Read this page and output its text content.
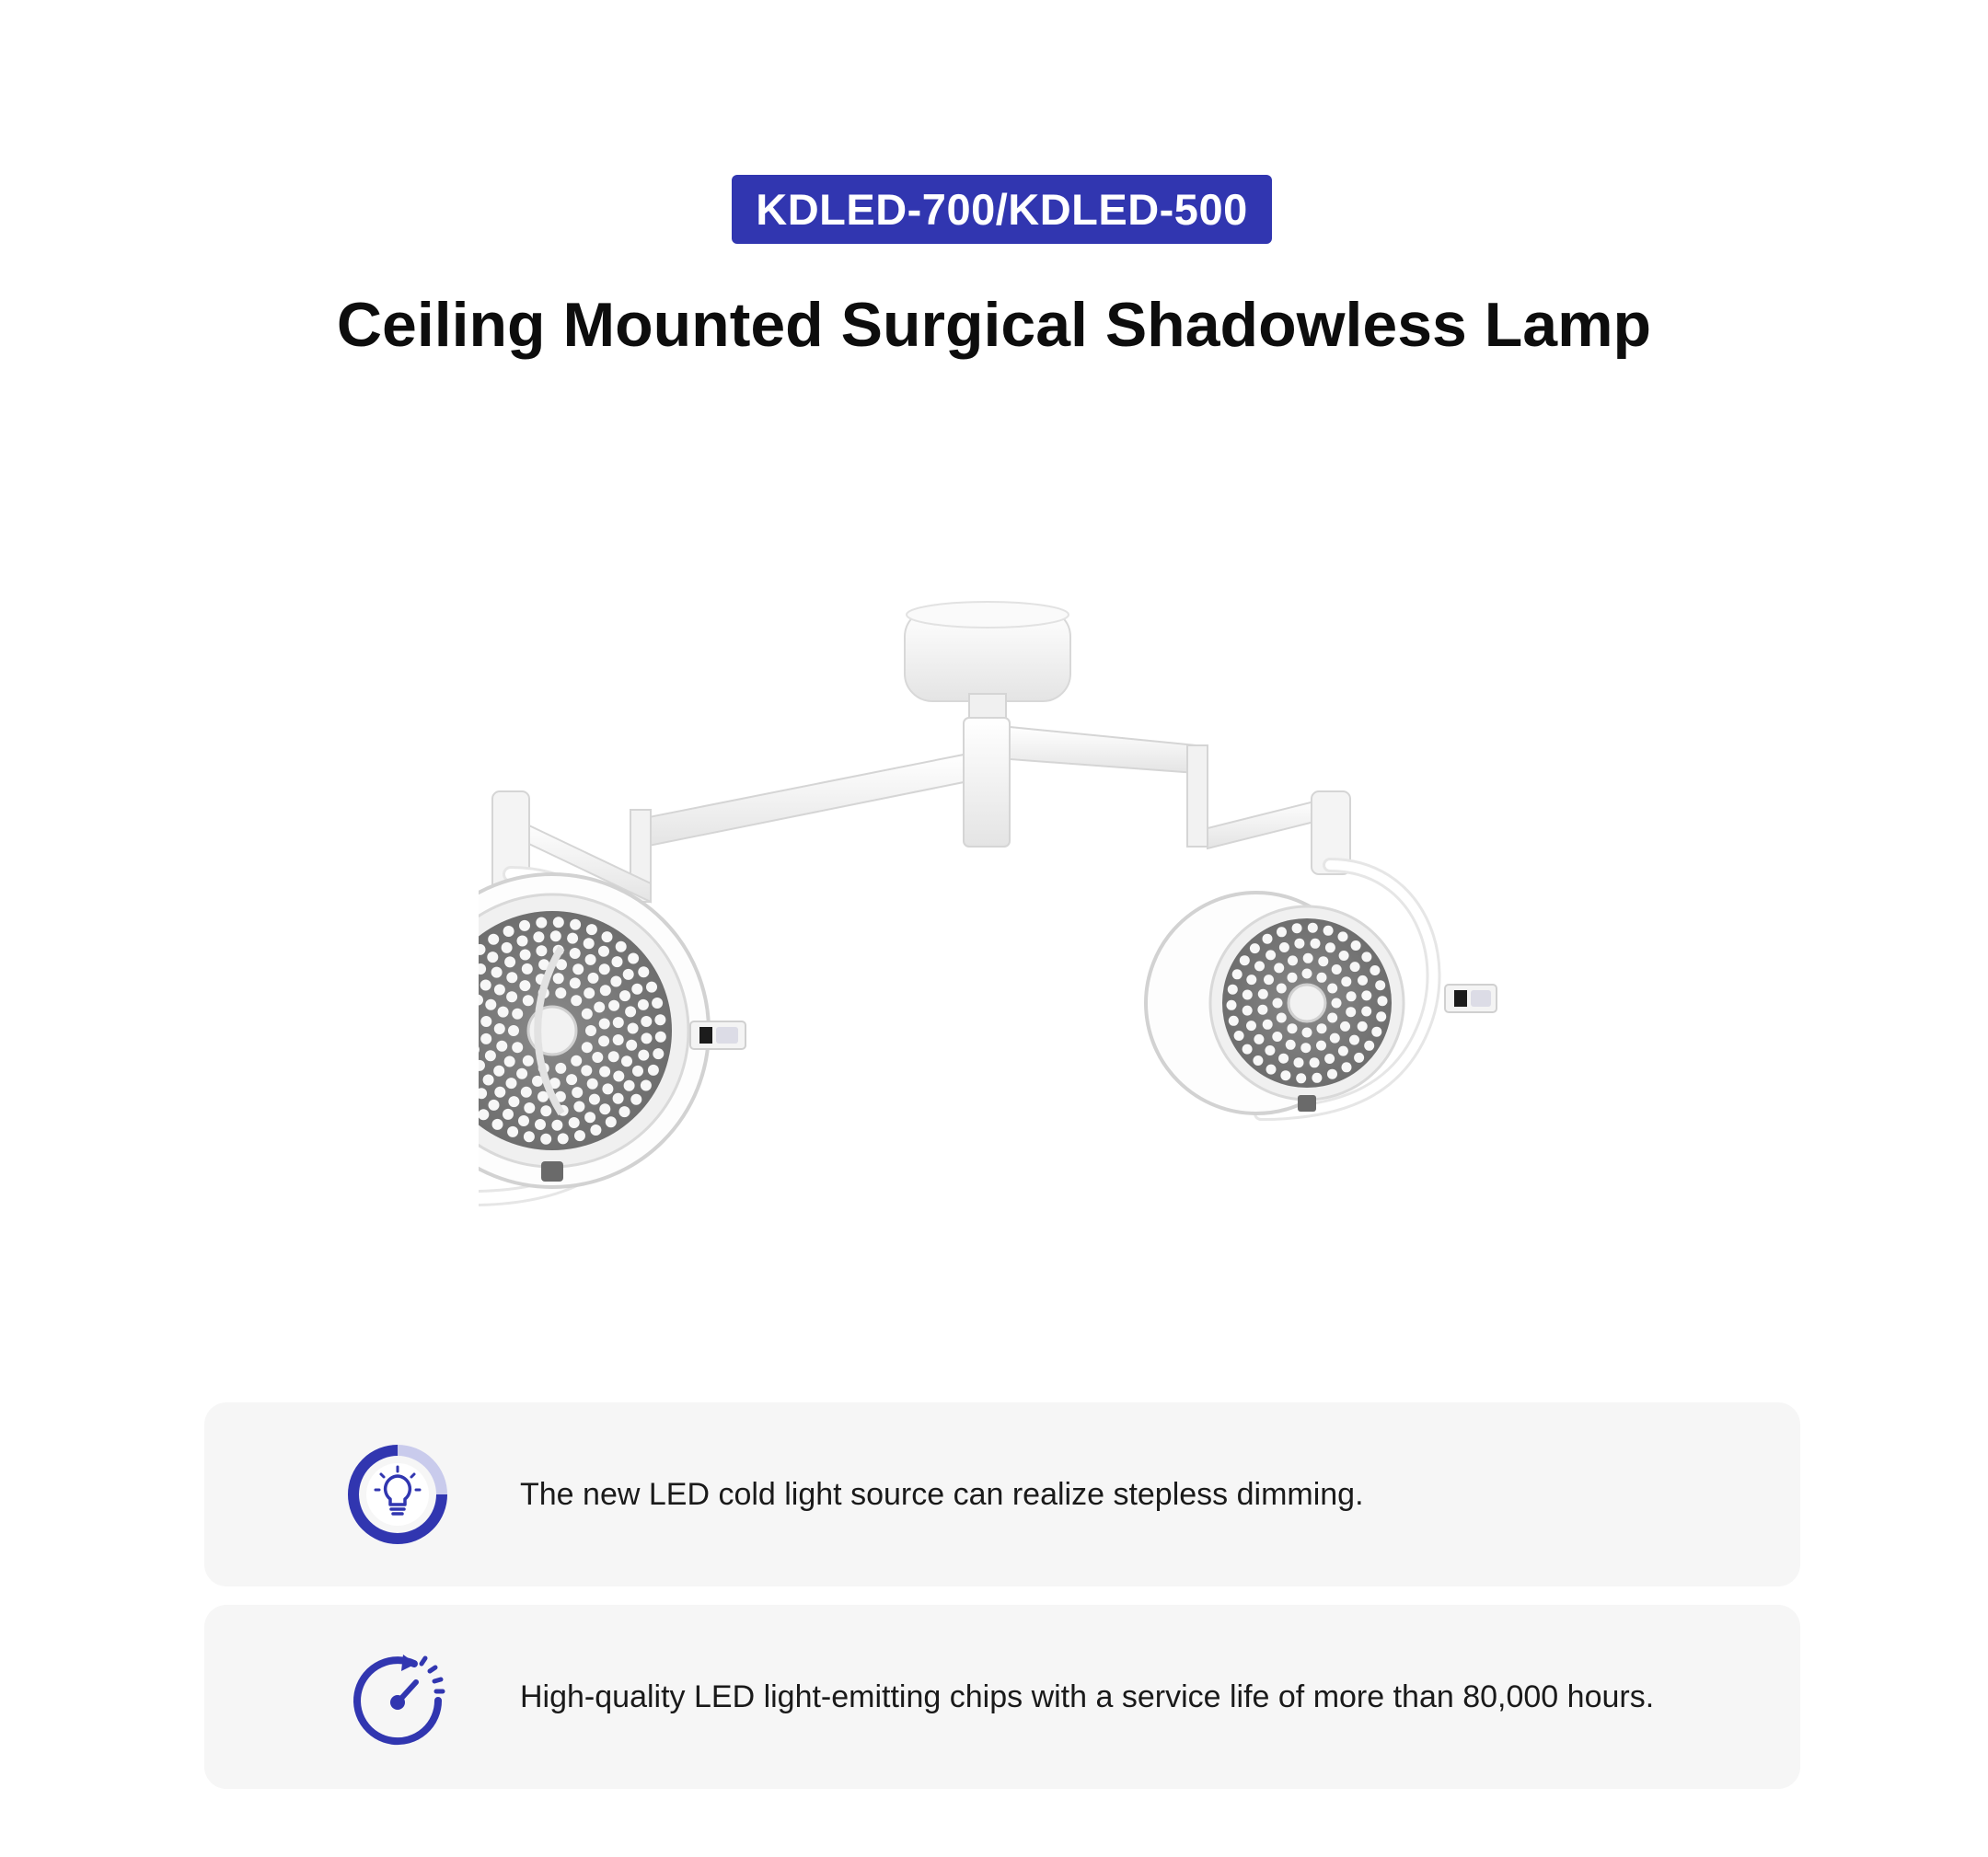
KDLED-700/KDLED-500
Ceiling Mounted Surgical Shadowless Lamp
The new LED cold light source can realize stepless dimming.
High-quality LED light-emitting chips with a service life of more than 80,000 hours.
